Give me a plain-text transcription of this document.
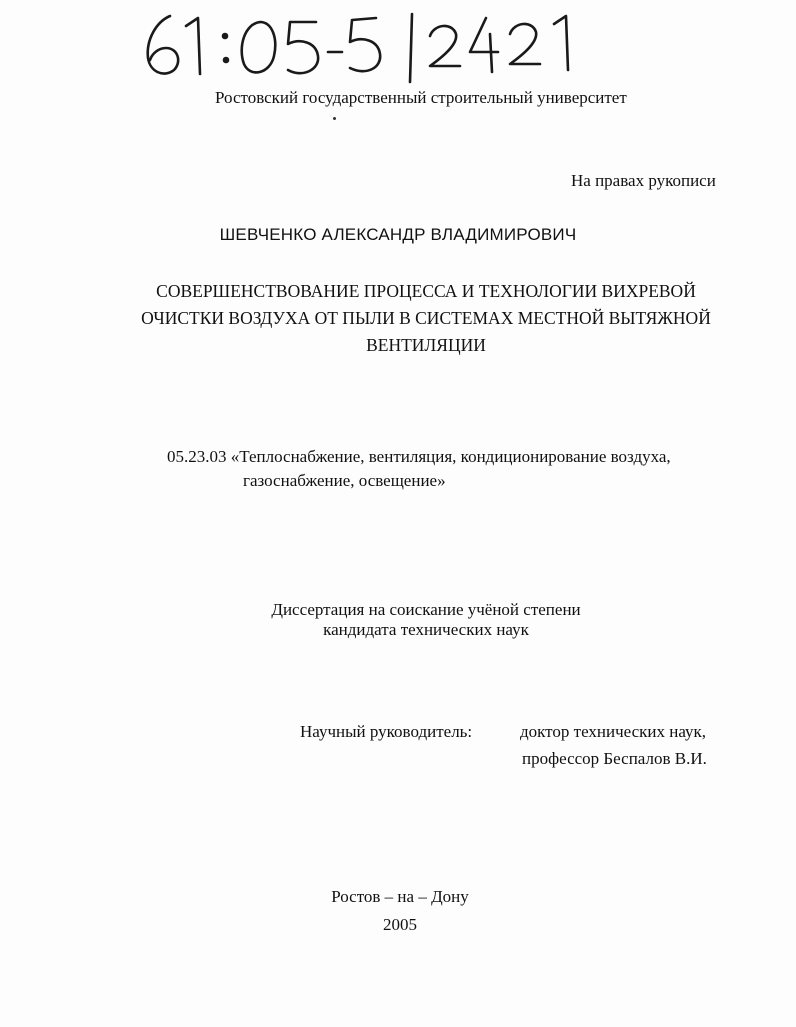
Ростовский государственный строительный университет
На правах рукописи
ШЕВЧЕНКО АЛЕКСАНДР ВЛАДИМИРОВИЧ
СОВЕРШЕНСТВОВАНИЕ ПРОЦЕССА И ТЕХНОЛОГИИ ВИХРЕВОЙ
ОЧИСТКИ ВОЗДУХА ОТ ПЫЛИ В СИСТЕМАХ МЕСТНОЙ ВЫТЯЖНОЙ
ВЕНТИЛЯЦИИ
05.23.03 «Теплоснабжение, вентиляция, кондиционирование воздуха,
газоснабжение, освещение»
Диссертация на соискание учёной степени
кандидата технических наук
Научный руководитель:	доктор технических наук,
профессор Беспалов В.И.
Ростов – на – Дону
2005
